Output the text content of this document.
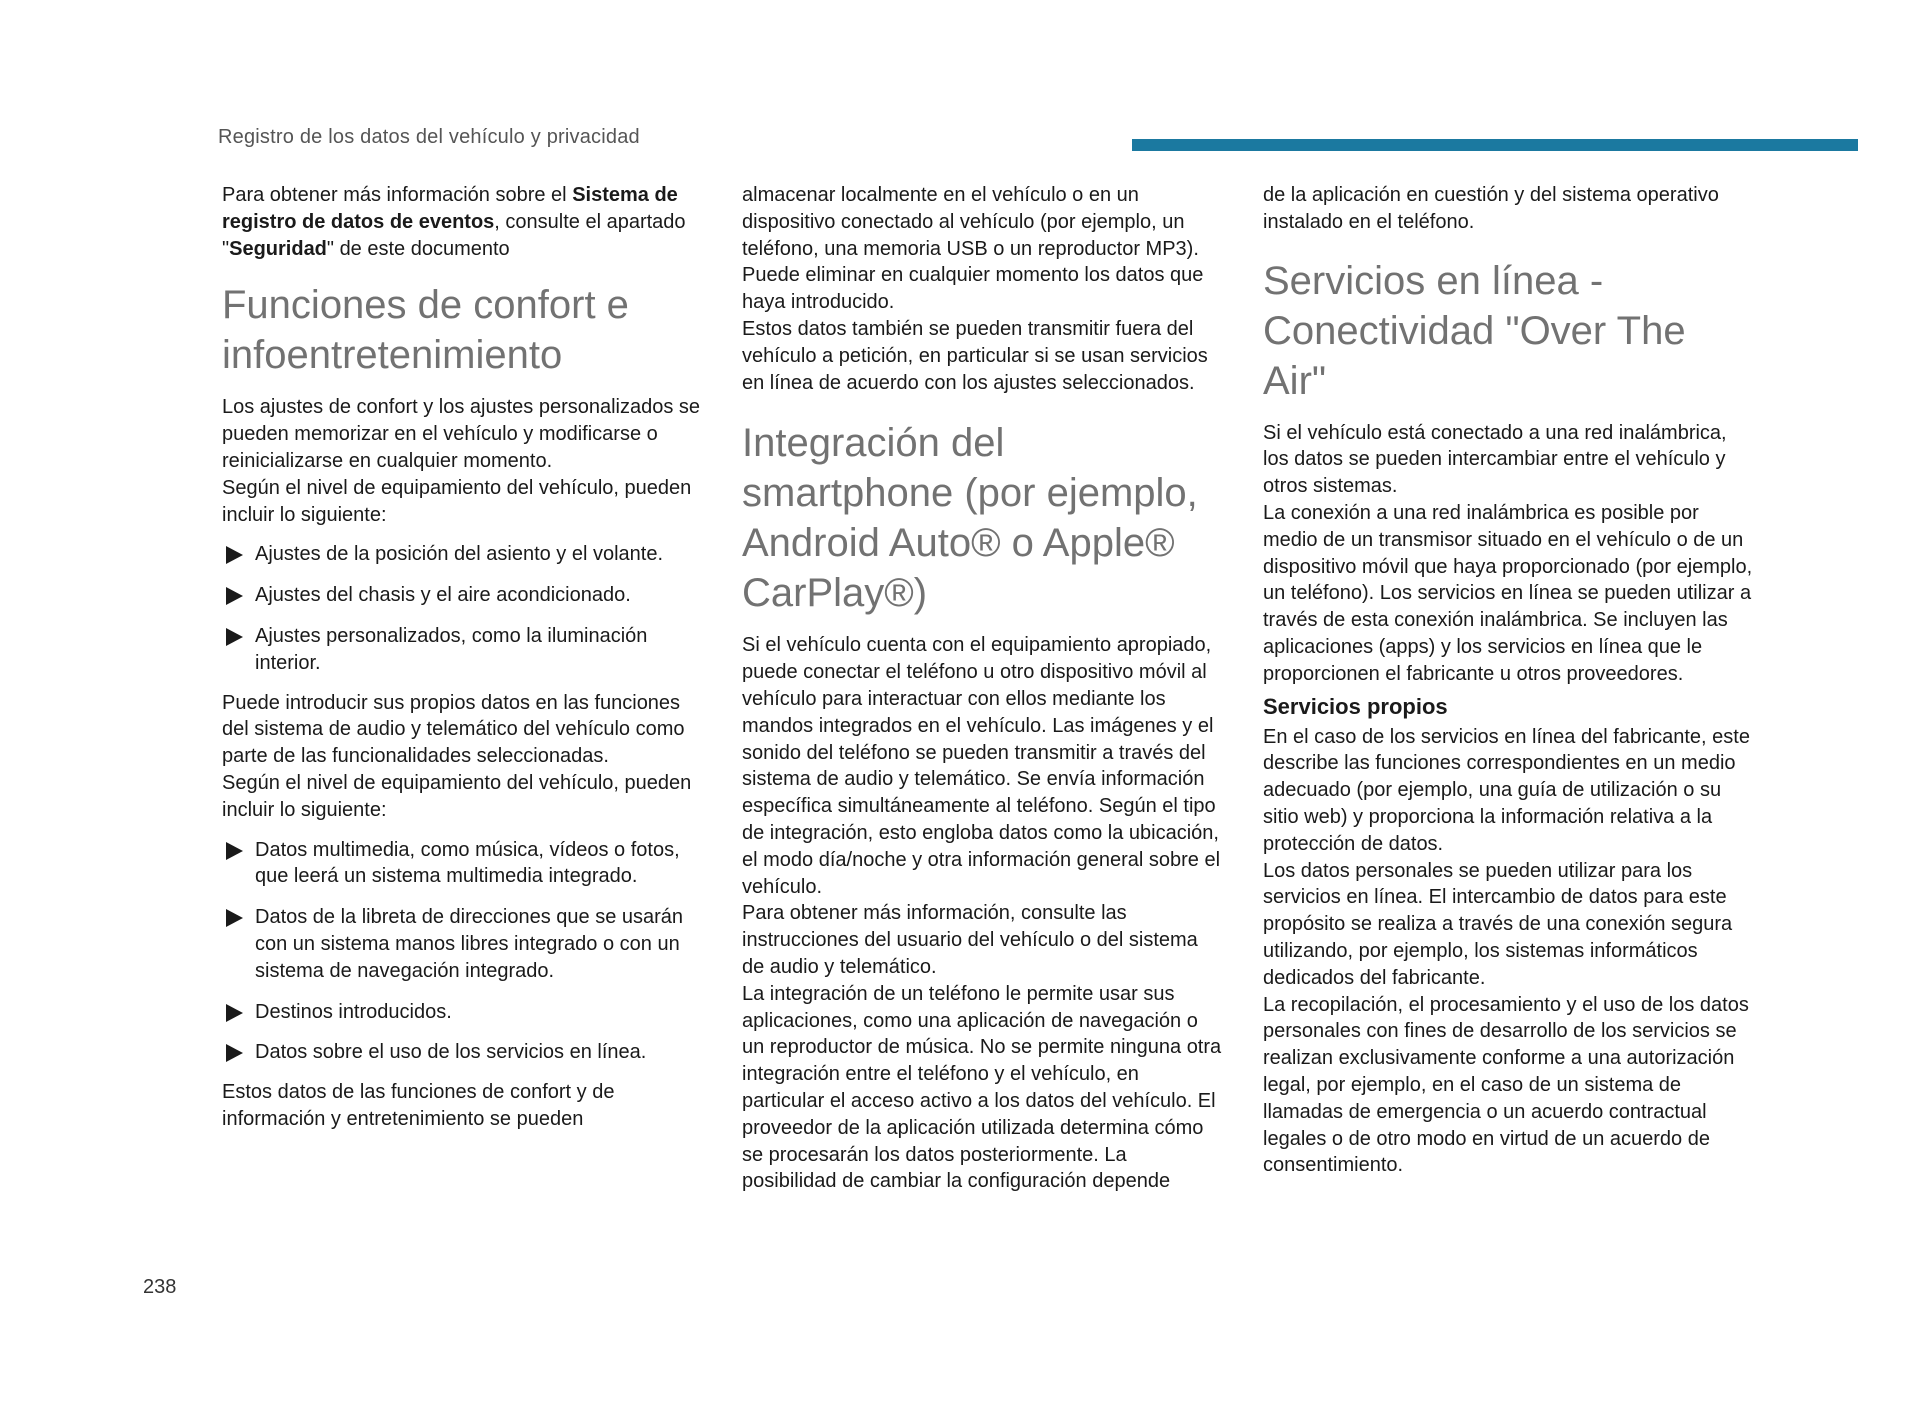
Registro de los datos del vehículo y privacidad

Para obtener más información sobre el Sistema de registro de datos de eventos, consulte el apartado "Seguridad" de este documento

Funciones de confort e infoentretenimiento

Los ajustes de confort y los ajustes personalizados se pueden memorizar en el vehículo y modificarse o reinicializarse en cualquier momento.

Según el nivel de equipamiento del vehículo, pueden incluir lo siguiente:

Ajustes de la posición del asiento y el volante.
Ajustes del chasis y el aire acondicionado.
Ajustes personalizados, como la iluminación interior.

Puede introducir sus propios datos en las funciones del sistema de audio y telemático del vehículo como parte de las funcionalidades seleccionadas.

Según el nivel de equipamiento del vehículo, pueden incluir lo siguiente:

Datos multimedia, como música, vídeos o fotos, que leerá un sistema multimedia integrado.
Datos de la libreta de direcciones que se usarán con un sistema manos libres integrado o con un sistema de navegación integrado.
Destinos introducidos.
Datos sobre el uso de los servicios en línea.

Estos datos de las funciones de confort y de información y entretenimiento se pueden

almacenar localmente en el vehículo o en un dispositivo conectado al vehículo (por ejemplo, un teléfono, una memoria USB o un reproductor MP3). Puede eliminar en cualquier momento los datos que haya introducido.

Estos datos también se pueden transmitir fuera del vehículo a petición, en particular si se usan servicios en línea de acuerdo con los ajustes seleccionados.

Integración del smartphone (por ejemplo, Android Auto® o Apple® CarPlay®)

Si el vehículo cuenta con el equipamiento apropiado, puede conectar el teléfono u otro dispositivo móvil al vehículo para interactuar con ellos mediante los mandos integrados en el vehículo. Las imágenes y el sonido del teléfono se pueden transmitir a través del sistema de audio y telemático. Se envía información específica simultáneamente al teléfono. Según el tipo de integración, esto engloba datos como la ubicación, el modo día/noche y otra información general sobre el vehículo.

Para obtener más información, consulte las instrucciones del usuario del vehículo o del sistema de audio y telemático.

La integración de un teléfono le permite usar sus aplicaciones, como una aplicación de navegación o un reproductor de música. No se permite ninguna otra integración entre el teléfono y el vehículo, en particular el acceso activo a los datos del vehículo. El proveedor de la aplicación utilizada determina cómo se procesarán los datos posteriormente. La posibilidad de cambiar la configuración depende

de la aplicación en cuestión y del sistema operativo instalado en el teléfono.

Servicios en línea - Conectividad "Over The Air"

Si el vehículo está conectado a una red inalámbrica, los datos se pueden intercambiar entre el vehículo y otros sistemas.

La conexión a una red inalámbrica es posible por medio de un transmisor situado en el vehículo o de un dispositivo móvil que haya proporcionado (por ejemplo, un teléfono). Los servicios en línea se pueden utilizar a través de esta conexión inalámbrica. Se incluyen las aplicaciones (apps) y los servicios en línea que le proporcionen el fabricante u otros proveedores.

Servicios propios

En el caso de los servicios en línea del fabricante, este describe las funciones correspondientes en un medio adecuado (por ejemplo, una guía de utilización o su sitio web) y proporciona la información relativa a la protección de datos.

Los datos personales se pueden utilizar para los servicios en línea. El intercambio de datos para este propósito se realiza a través de una conexión segura utilizando, por ejemplo, los sistemas informáticos dedicados del fabricante.

La recopilación, el procesamiento y el uso de los datos personales con fines de desarrollo de los servicios se realizan exclusivamente conforme a una autorización legal, por ejemplo, en el caso de un sistema de llamadas de emergencia o un acuerdo contractual legales o de otro modo en virtud de un acuerdo de consentimiento.

238
